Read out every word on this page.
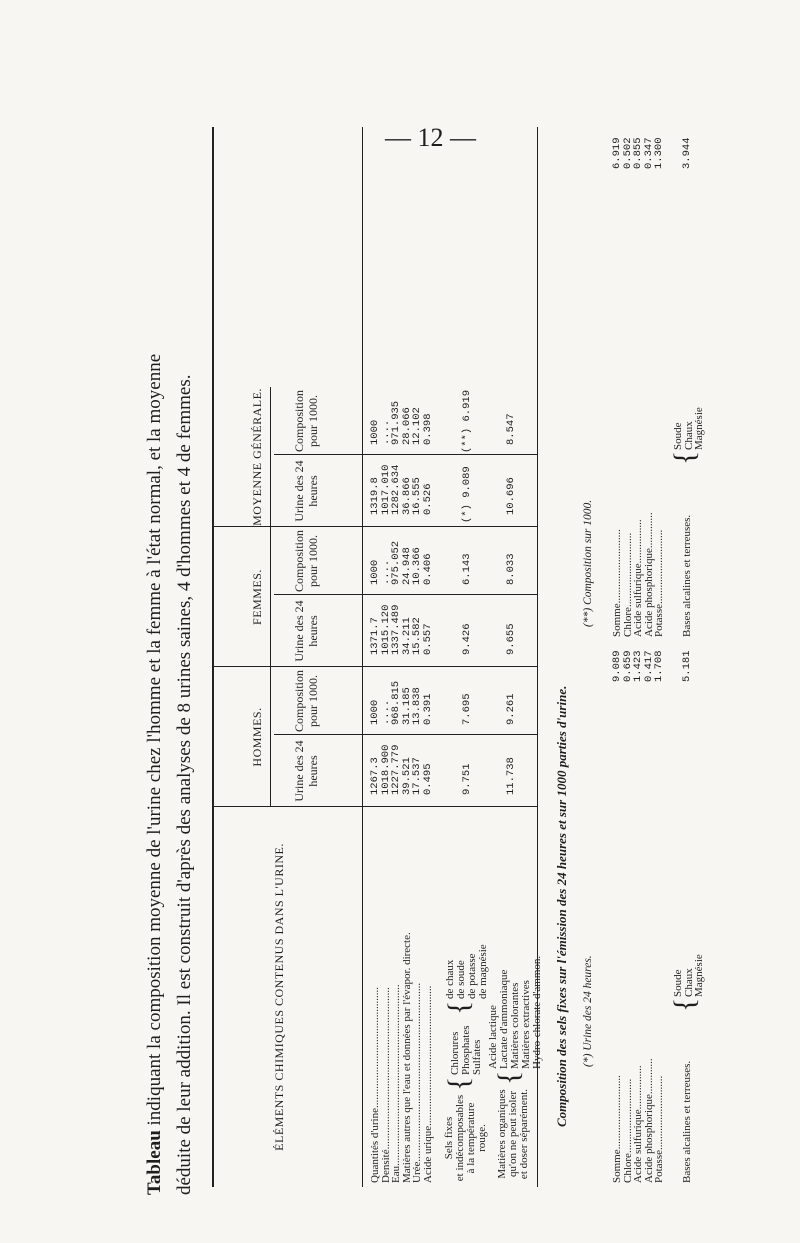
— 12 —
Tableau indiquant la composition moyenne de l'urine chez l'homme et la femme à l'état normal, et la moyenne déduite de leur addition. Il est construit d'après des analyses de 8 urines saines, 4 d'hommes et 4 de femmes.	ÉLÉMENTS CHIMIQUES CONTENUS DANS L'URINE.
HOMMES.
FEMMES.
MOYENNE GÉNÉRALE.
Urine des 24 heures
Composition pour 1000.
Urine des 24 heures
Composition pour 1000.
Urine des 24 heures
Composition pour 1000.
Quantités d'urine............................................
Densité...........................................................
Eau..................................................................
Matières autres que l'eau et données par l'évapor. directe.
Urée.................................................................
Acide urique...................................................
1267.3
1018.900
1227.779
39.521
17.537
0.495
1000
....
968.815
31.185
13.838
0.391
1371.7
1015.120
1337.489
34.211
15.582
0.557
1000
....
975.052
24.948
10.366
0.406
1319.8
1017.010
1282.634
36.866
16.555
0.526
1000
....
971.935
28.066
12.102
0.398
Sels fixes et indécomposables à la température rouge.
{
Chlorures Phosphates Sulfates
{
de chaux de soude de potasse de magnésie
9.751
7.695
9.426
6.143
(*) 9.089
(**) 6.919
Matières organiques qu'on ne peut isoler et doser séparément.
{
Acide lactique Lactate d'ammoniaque Matières colorantes Matières extractives Hydro-chlorate d'ammon.
11.738
9.261
9.655
8.033
10.696
8.547
Composition des sels fixes sur l'émission des 24 heures et sur 1000 parties d'urine. (*) Urine des 24 heures.
(**) Composition sur 1000.
Somme...........................
Chlore...........................
Acide sulfurique................
Acide phosphorique.............
Potasse...........................
9.089
0.659
1.423
0.417
1.708
Bases alcalines et terreuses.
{
Soude
Chaux
Magnésie
5.181
Somme...........................
Chlore...........................
Acide sulfurique................
Acide phosphorique.............
Potasse...........................
6.919
0.502
0.855
0.347
1.300
Bases alcalines et terreuses.
{
Soude
Chaux
Magnésie
3.944
